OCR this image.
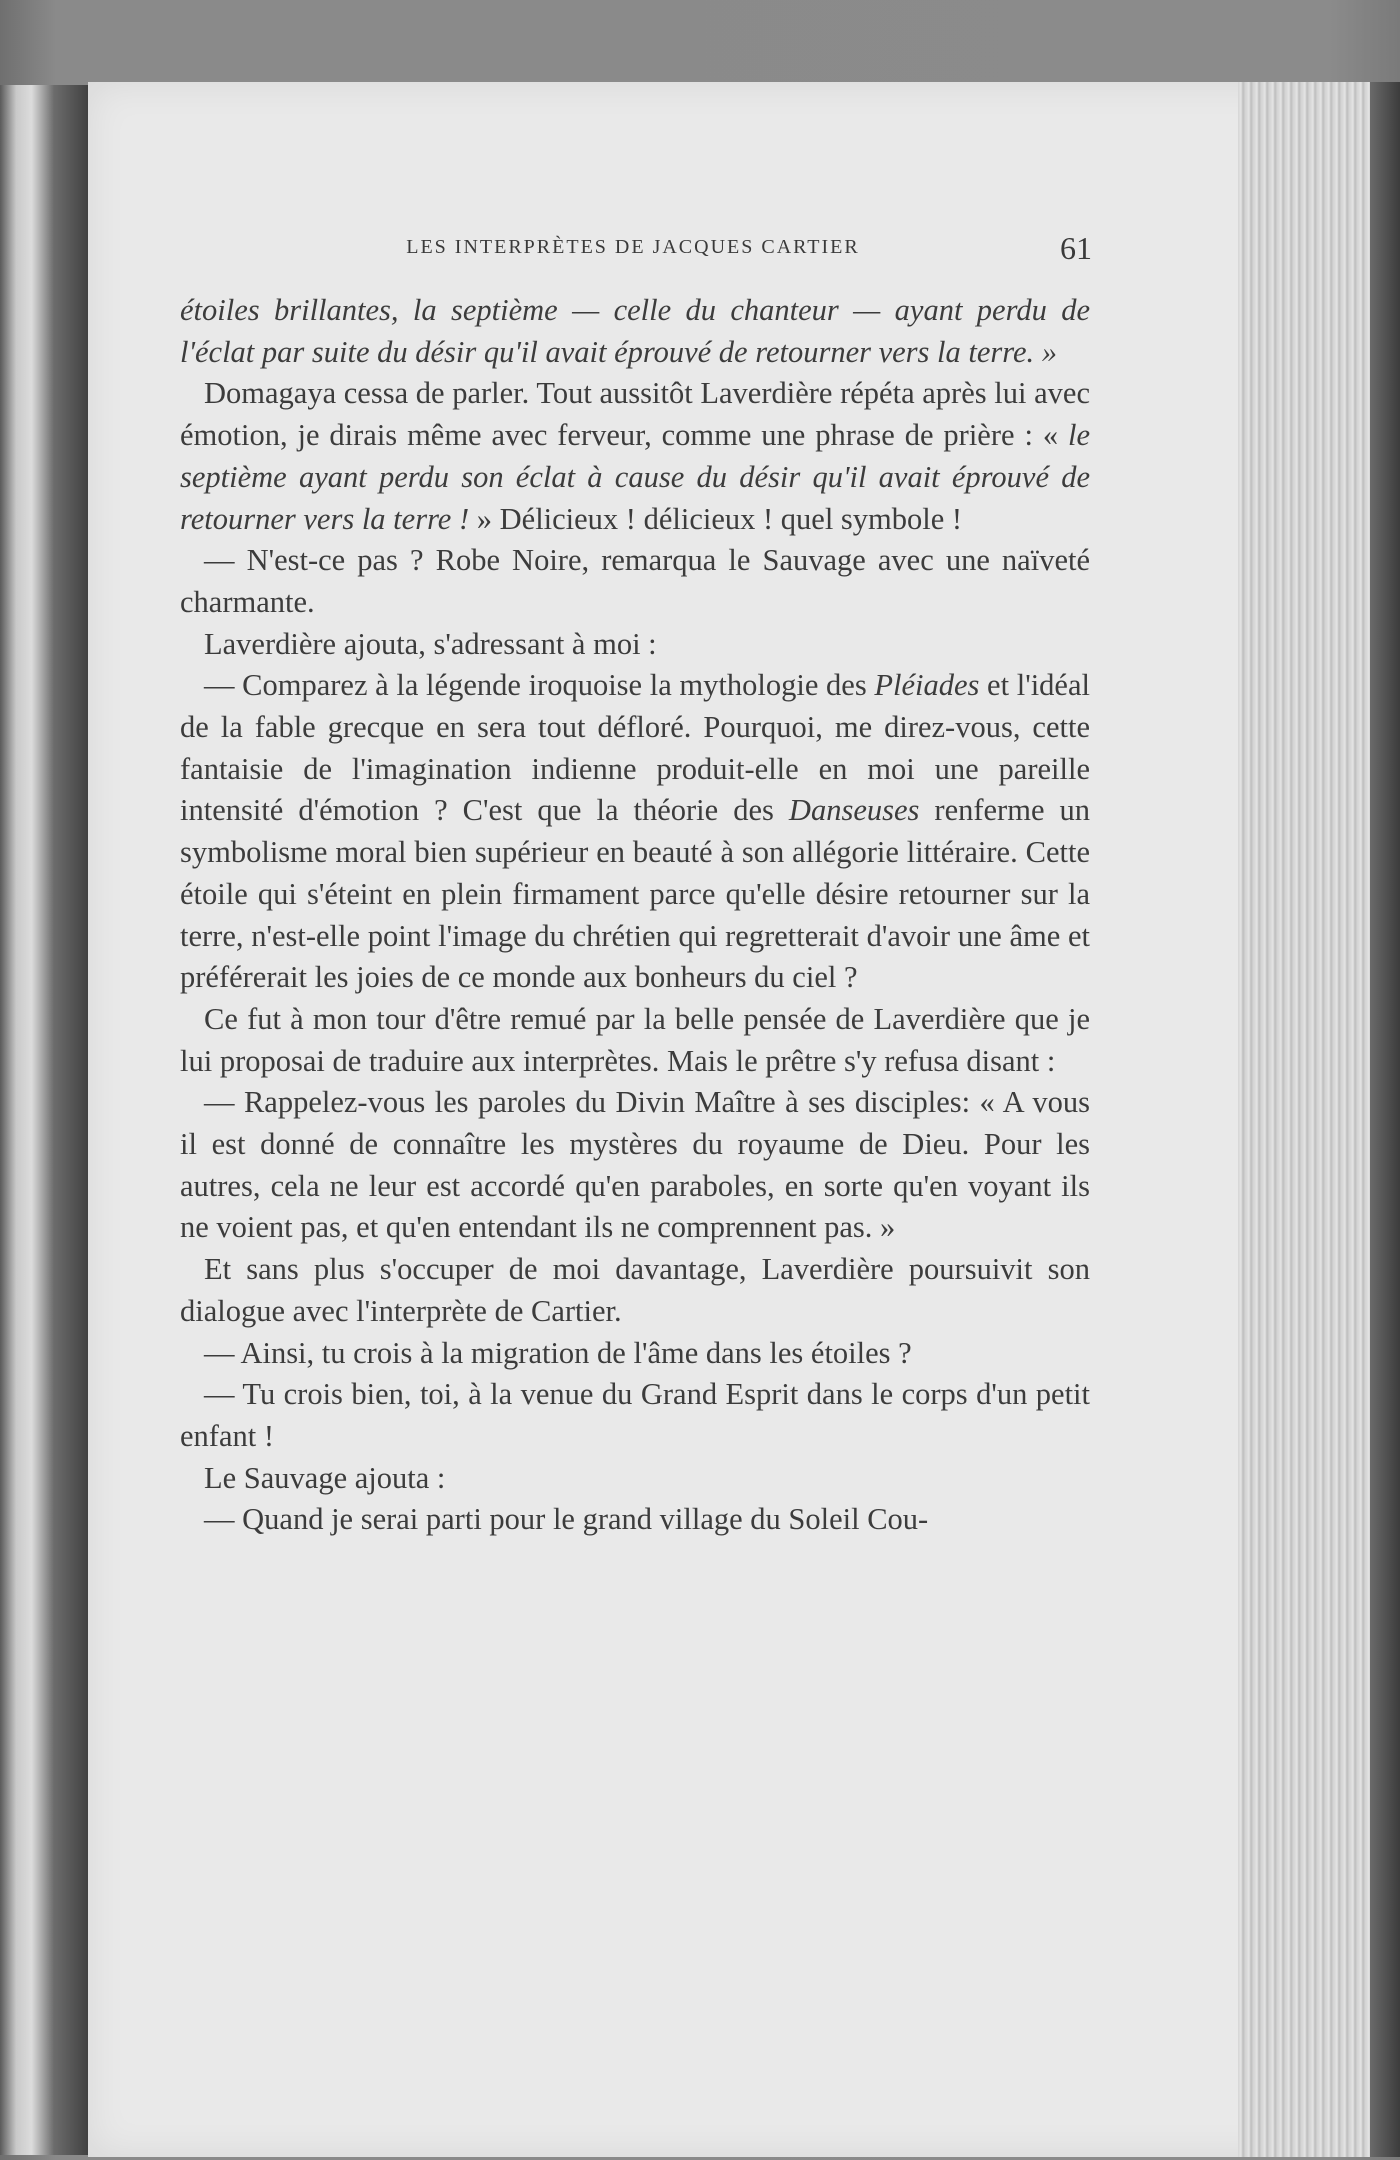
LES INTERPRÈTES DE JACQUES CARTIER	61

étoiles brillantes, la septième — celle du chanteur — ayant perdu de l'éclat par suite du désir qu'il avait éprouvé de retourner vers la terre. »

Domagaya cessa de parler. Tout aussitôt Laverdière répéta après lui avec émotion, je dirais même avec ferveur, comme une phrase de prière : « le septième ayant perdu son éclat à cause du désir qu'il avait éprouvé de retourner vers la terre ! » Délicieux ! délicieux ! quel symbole !

— N'est-ce pas ? Robe Noire, remarqua le Sauvage avec une naïveté charmante.

Laverdière ajouta, s'adressant à moi :

— Comparez à la légende iroquoise la mythologie des Pléiades et l'idéal de la fable grecque en sera tout défloré. Pourquoi, me direz-vous, cette fantaisie de l'imagination indienne produit-elle en moi une pareille intensité d'émotion ? C'est que la théorie des Danseuses renferme un symbolisme moral bien supérieur en beauté à son allégorie littéraire. Cette étoile qui s'éteint en plein firmament parce qu'elle désire retourner sur la terre, n'est-elle point l'image du chrétien qui regretterait d'avoir une âme et préférerait les joies de ce monde aux bonheurs du ciel ?

Ce fut à mon tour d'être remué par la belle pensée de Laverdière que je lui proposai de traduire aux interprètes. Mais le prêtre s'y refusa disant :

— Rappelez-vous les paroles du Divin Maître à ses disciples: « A vous il est donné de connaître les mystères du royaume de Dieu. Pour les autres, cela ne leur est accordé qu'en paraboles, en sorte qu'en voyant ils ne voient pas, et qu'en entendant ils ne comprennent pas. »

Et sans plus s'occuper de moi davantage, Laverdière poursuivit son dialogue avec l'interprète de Cartier.

— Ainsi, tu crois à la migration de l'âme dans les étoiles ?

— Tu crois bien, toi, à la venue du Grand Esprit dans le corps d'un petit enfant !

Le Sauvage ajouta :

— Quand je serai parti pour le grand village du Soleil Cou-
